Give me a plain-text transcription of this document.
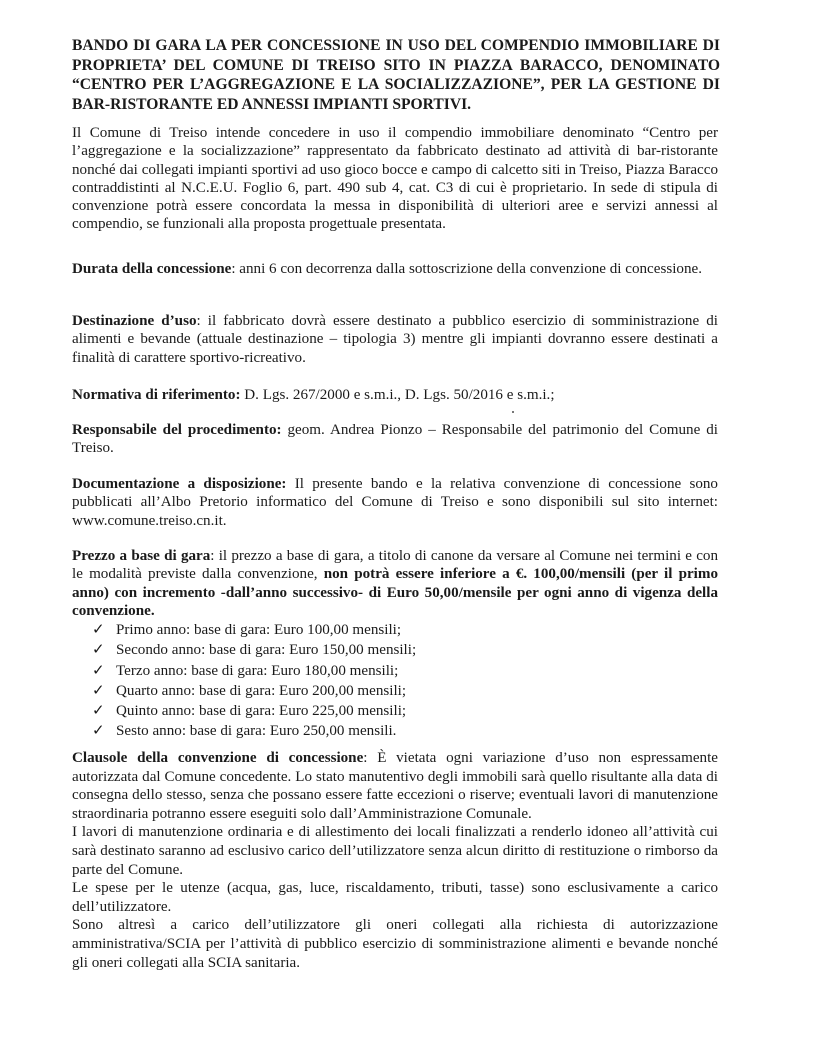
BANDO DI GARA LA PER CONCESSIONE IN USO DEL COMPENDIO IMMOBILIARE DI PROPRIETA’ DEL COMUNE DI TREISO SITO IN PIAZZA BARACCO, DENOMINATO “CENTRO PER L’AGGREGAZIONE E LA SOCIALIZZAZIONE”, PER LA GESTIONE DI BAR-RISTORANTE ED ANNESSI IMPIANTI SPORTIVI.

Il Comune di Treiso intende concedere in uso il compendio immobiliare denominato “Centro per l’aggregazione e la socializzazione” rappresentato da fabbricato destinato ad attività di bar-ristorante nonché dai collegati impianti sportivi ad uso gioco bocce e campo di calcetto siti in Treiso, Piazza Baracco contraddistinti al N.C.E.U. Foglio 6, part. 490 sub 4, cat. C3 di cui è proprietario. In sede di stipula di convenzione potrà essere concordata la messa in disponibilità di ulteriori aree e servizi annessi al compendio, se funzionali alla proposta progettuale presentata.

Durata della concessione: anni 6 con decorrenza dalla sottoscrizione della convenzione di concessione.

Destinazione d’uso: il fabbricato dovrà essere destinato a pubblico esercizio di somministrazione di alimenti e bevande (attuale destinazione – tipologia 3) mentre gli impianti dovranno essere destinati a finalità di carattere sportivo-ricreativo.

Normativa di riferimento: D. Lgs. 267/2000 e s.m.i., D. Lgs. 50/2016 e s.m.i.;

Responsabile del procedimento: geom. Andrea Pionzo – Responsabile del patrimonio del Comune di Treiso.

Documentazione a disposizione: Il presente bando e la relativa convenzione di concessione sono pubblicati all’Albo Pretorio informatico del Comune di Treiso e sono disponibili sul sito internet: www.comune.treiso.cn.it.

Prezzo a base di gara: il prezzo a base di gara, a titolo di canone da versare al Comune nei termini e con le modalità previste dalla convenzione, non potrà essere inferiore a €. 100,00/mensili (per il primo anno) con incremento -dall’anno successivo- di Euro 50,00/mensile per ogni anno di vigenza della convenzione.

✓ Primo anno: base di gara: Euro 100,00 mensili;
✓ Secondo anno: base di gara: Euro 150,00 mensili;
✓ Terzo anno: base di gara: Euro 180,00 mensili;
✓ Quarto anno: base di gara: Euro 200,00 mensili;
✓ Quinto anno: base di gara: Euro 225,00 mensili;
✓ Sesto anno: base di gara: Euro 250,00 mensili.
Clausole della convenzione di concessione: È vietata ogni variazione d’uso non espressamente autorizzata dal Comune concedente. Lo stato manutentivo degli immobili sarà quello risultante alla data di consegna dello stesso, senza che possano essere fatte eccezioni o riserve; eventuali lavori di manutenzione straordinaria potranno essere eseguiti solo dall’Amministrazione Comunale.
I lavori di manutenzione ordinaria e di allestimento dei locali finalizzati a renderlo idoneo all’attività cui sarà destinato saranno ad esclusivo carico dell’utilizzatore senza alcun diritto di restituzione o rimborso da parte del Comune.
Le spese per le utenze (acqua, gas, luce, riscaldamento, tributi, tasse) sono esclusivamente a carico dell’utilizzatore.
Sono altresì a carico dell’utilizzatore gli oneri collegati alla richiesta di autorizzazione amministrativa/SCIA per l’attività di pubblico esercizio di somministrazione alimenti e bevande nonché gli oneri collegati alla SCIA sanitaria.
